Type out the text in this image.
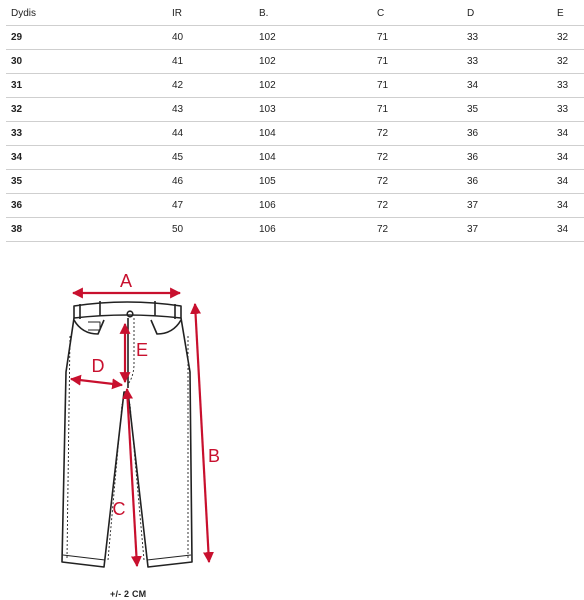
Dydis	IR	B.	C	D	E
29	40	102	71	33	32
30	41	102	71	33	32
31	42	102	71	34	33
32	43	103	71	35	33
33	44	104	72	36	34
34	45	104	72	36	34
35	46	105	72	36	34
36	47	106	72	37	34
38	50	106	72	37	34
A
B
C
D
E
+/- 2 CM
